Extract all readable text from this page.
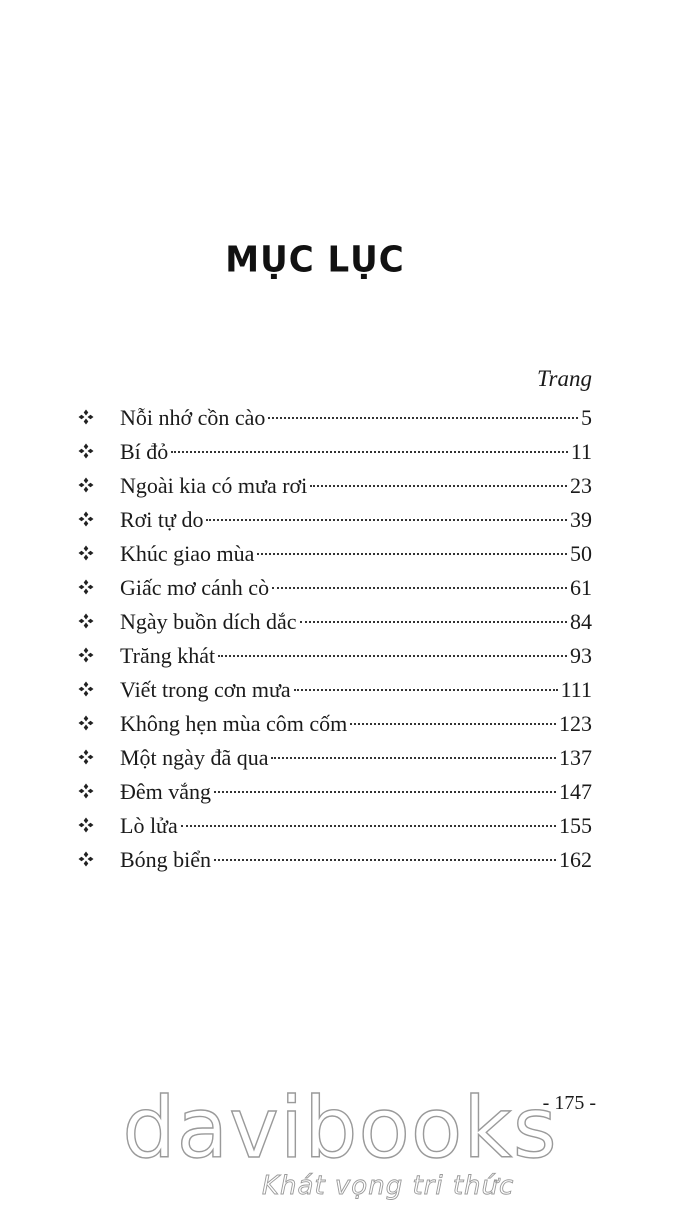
MỤC LỤC
Trang
Nỗi nhớ cồn cào	5
Bí đỏ	11
Ngoài kia có mưa rơi	23
Rơi tự do	39
Khúc giao mùa	50
Giấc mơ cánh cò	61
Ngày buồn dích dắc	84
Trăng khát	93
Viết trong cơn mưa	111
Không hẹn mùa côm cốm	123
Một ngày đã qua	137
Đêm vắng	147
Lò lửa	155
Bóng biển	162
- 175 -
davibooks
Khát vọng tri thức
